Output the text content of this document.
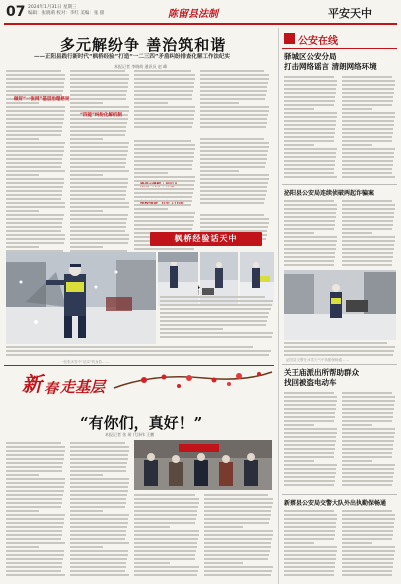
07 2024年1月31日 星期三
编辑：张晓萌 校对：李红 美编：张 甜	陈留县法制	平安天中
多元解纷争 善治筑和谐
——正阳县践行新时代“枫桥经验”打造“一二三四”矛盾纠纷排查化解工作法纪实
本报记者 李晓萌 通讯员 赵 峰
做好“一张网”基层治理格局
“四能”纠纷化解机制
枫桥经验话天中
一张张冰雪中“站岗”的身影……
新 春 走基层
“有你们，真好！”
本报记者 张 萌 代泽伟 王鹏
公安在线
驿城区公安分局
打击网络谣言 清朗网络环境
泌阳县公安局连续侦破两起诈骗案
泌阳县交警在冰雪天气中执勤保畅通……
关王庙派出所帮助群众
找回被盗电动车
新蔡县公安局交警大队外出执勤保畅通
